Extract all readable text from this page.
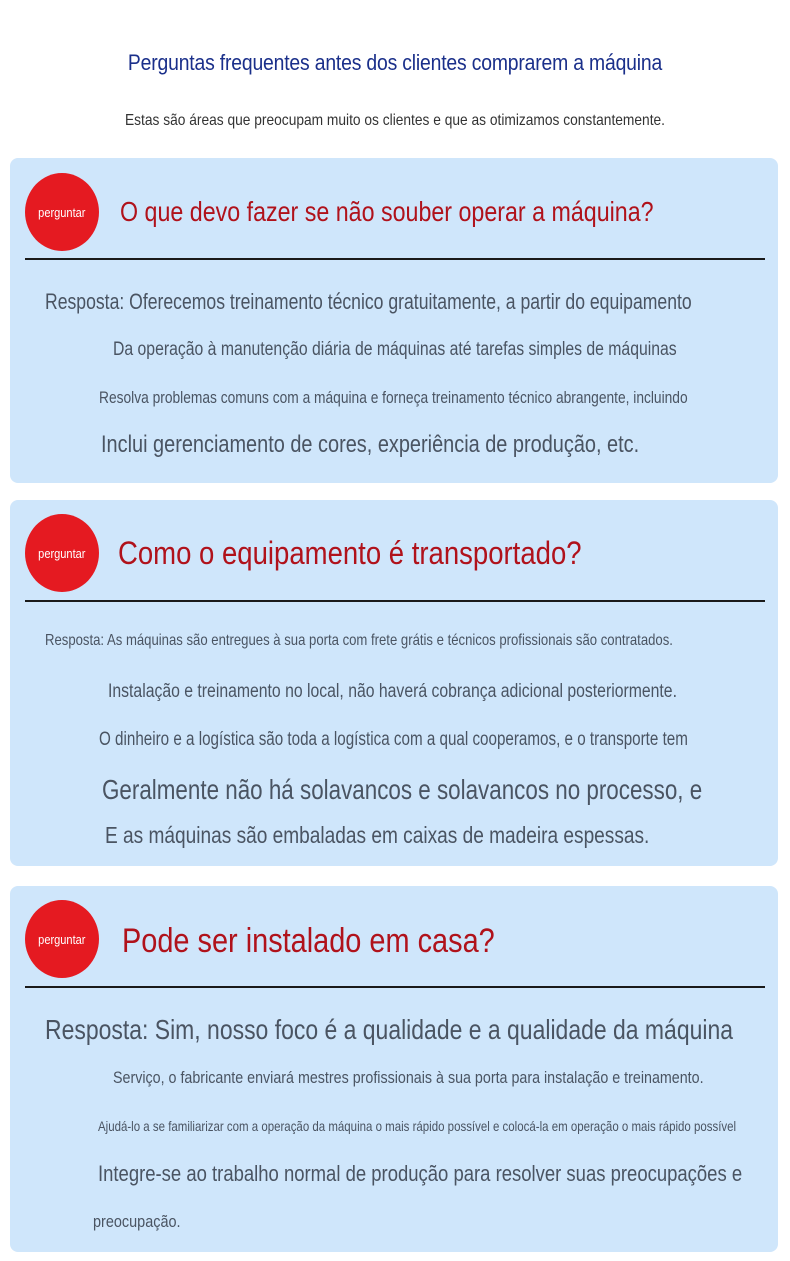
Perguntas frequentes antes dos clientes comprarem a máquina
Estas são áreas que preocupam muito os clientes e que as otimizamos constantemente.
perguntar O que devo fazer se não souber operar a máquina?
Resposta: Oferecemos treinamento técnico gratuitamente, a partir do equipamento
Da operação à manutenção diária de máquinas até tarefas simples de máquinas
Resolva problemas comuns com a máquina e forneça treinamento técnico abrangente, incluindo
Inclui gerenciamento de cores, experiência de produção, etc.
perguntar Como o equipamento é transportado?
Resposta: As máquinas são entregues à sua porta com frete grátis e técnicos profissionais são contratados.
Instalação e treinamento no local, não haverá cobrança adicional posteriormente.
O dinheiro e a logística são toda a logística com a qual cooperamos, e o transporte tem
Geralmente não há solavancos e solavancos no processo, e
E as máquinas são embaladas em caixas de madeira espessas.
perguntar Pode ser instalado em casa?
Resposta: Sim, nosso foco é a qualidade e a qualidade da máquina
Serviço, o fabricante enviará mestres profissionais à sua porta para instalação e treinamento.
Ajudá-lo a se familiarizar com a operação da máquina o mais rápido possível e colocá-la em operação o mais rápido possível
Integre-se ao trabalho normal de produção para resolver suas preocupações e
preocupação.
